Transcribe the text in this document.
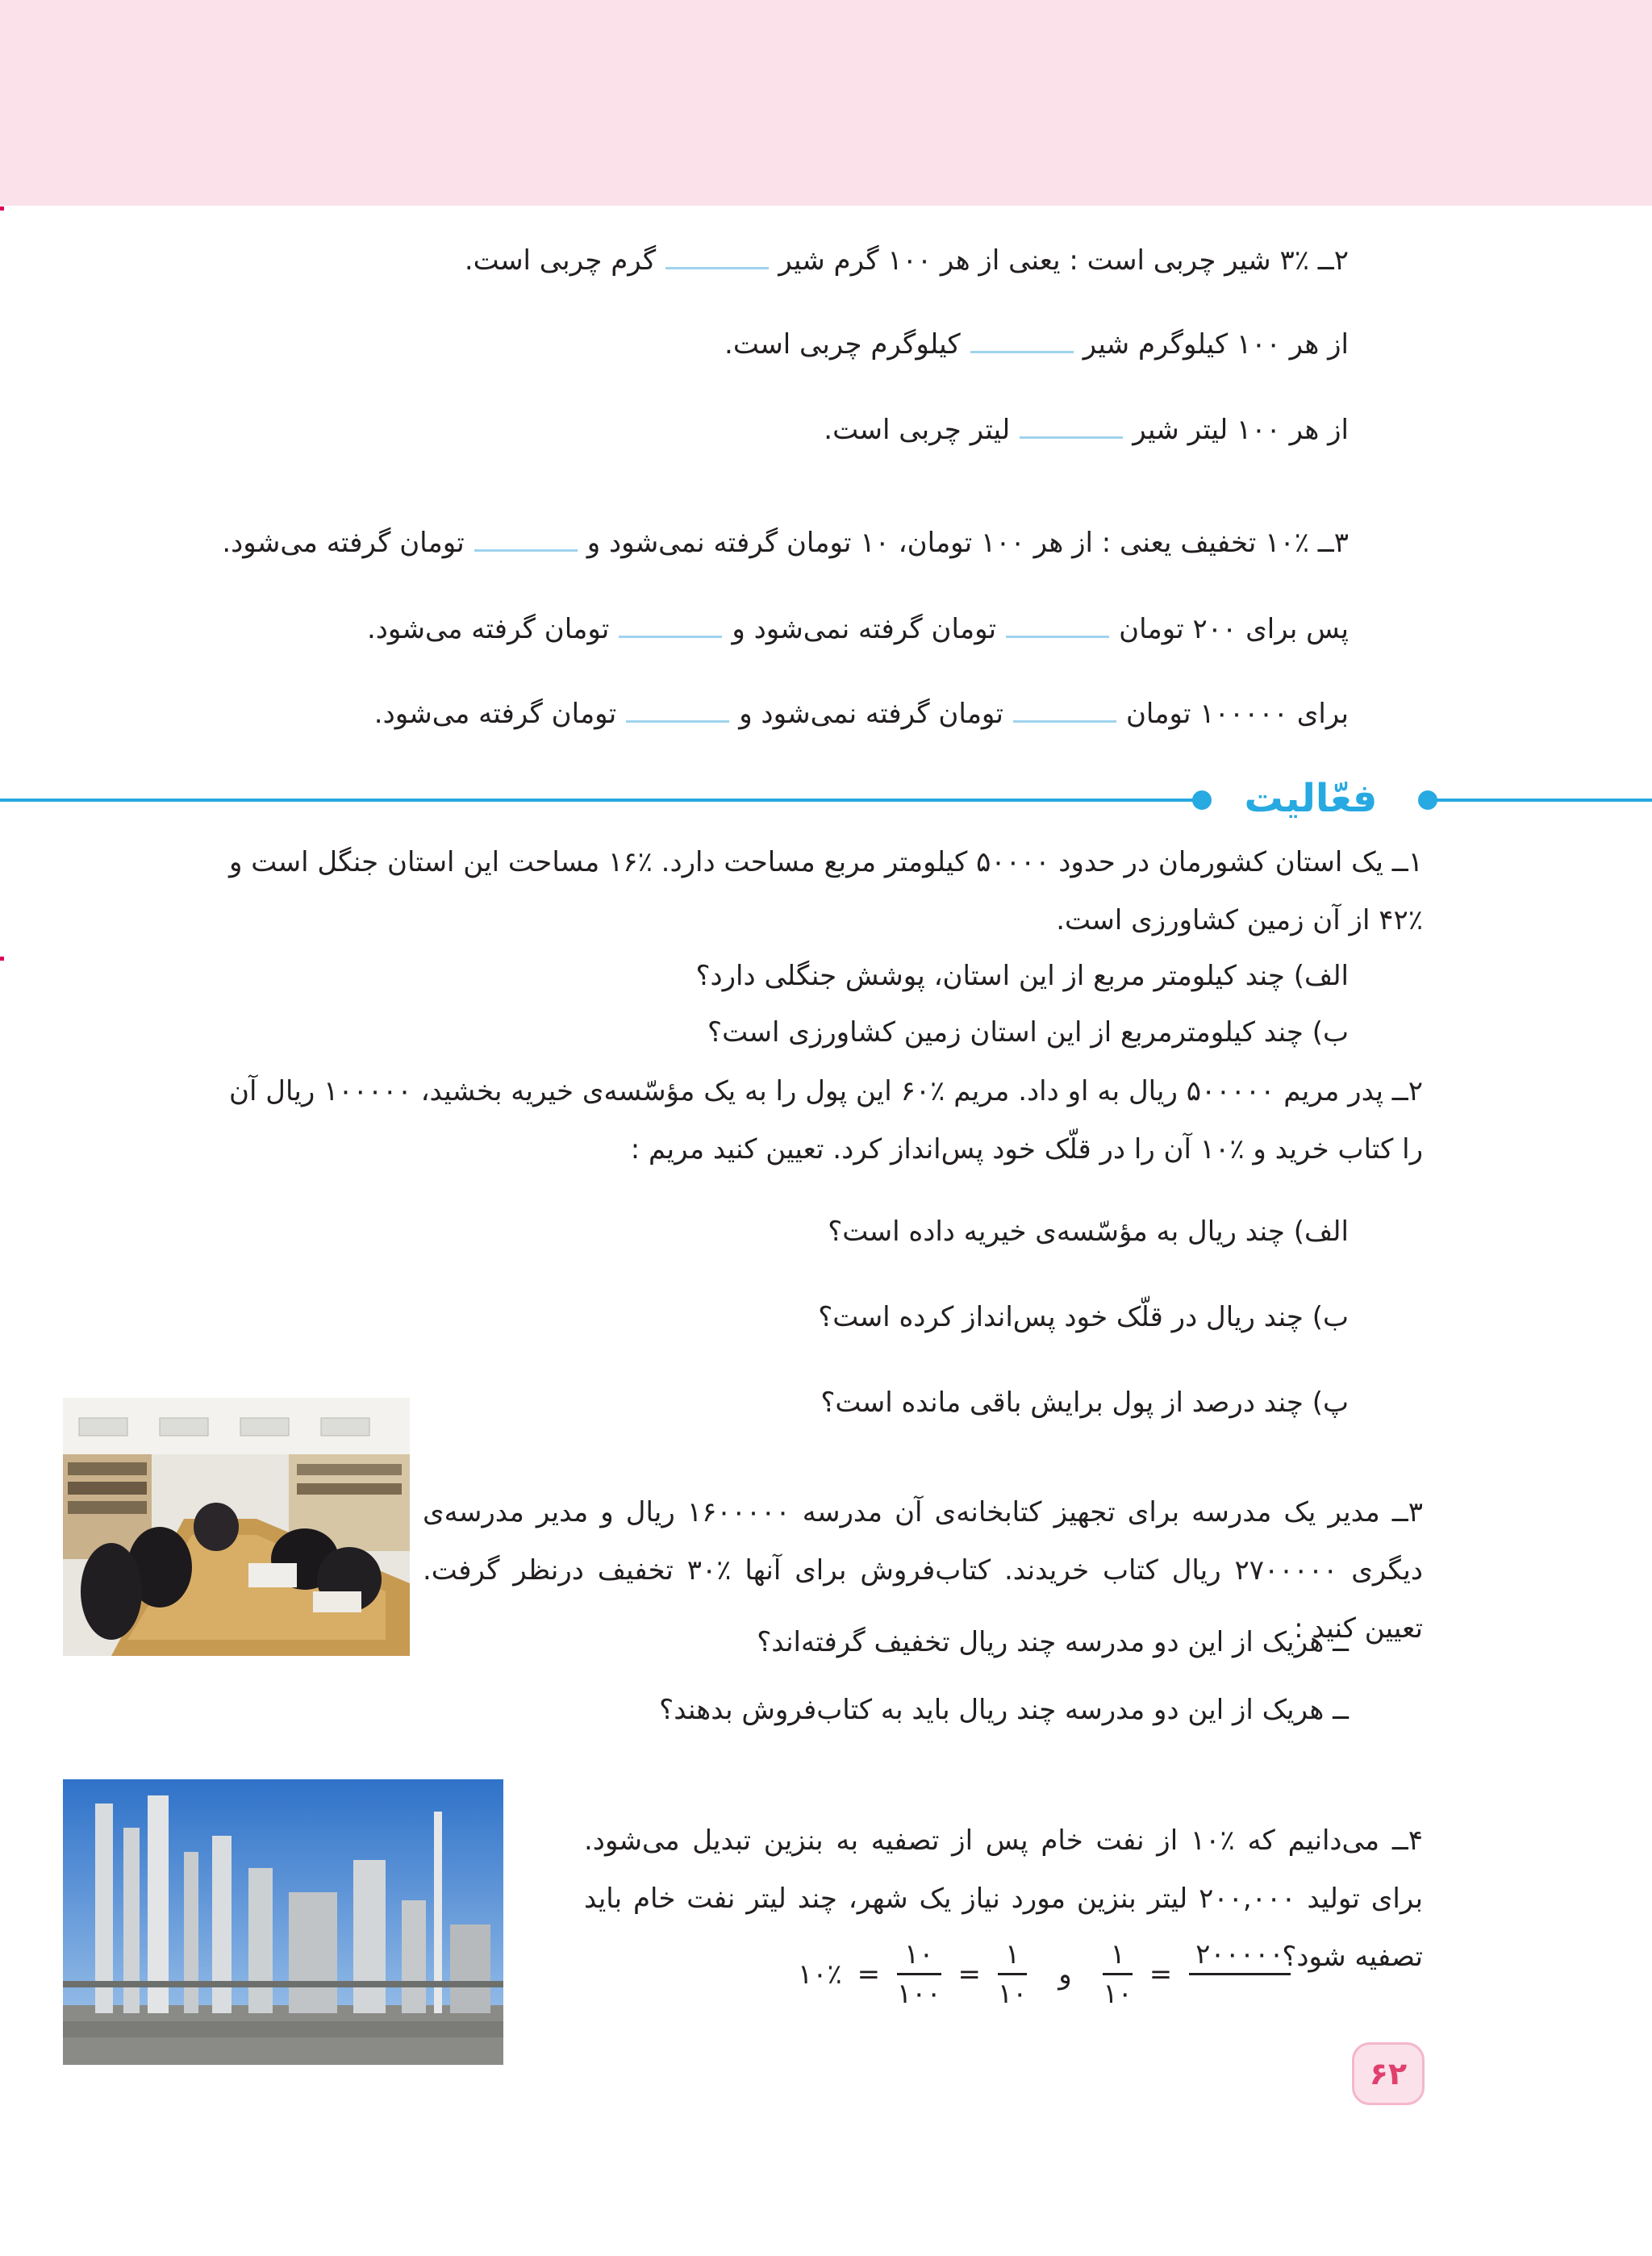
۲ــ ٪۳ شیر چربی است : یعنی از هر ۱۰۰ گرم شیرگرم چربی است.
از هر ۱۰۰ کیلوگرم شیرکیلوگرم چربی است.
از هر ۱۰۰ لیتر شیرلیتر چربی است.
۳ــ ٪۱۰ تخفیف یعنی : از هر ۱۰۰ تومان، ۱۰ تومان گرفته نمی‌شود وتومان گرفته می‌شود.
پس برای ۲۰۰ تومانتومان گرفته نمی‌شود وتومان گرفته می‌شود.
برای ۱۰۰۰۰۰ تومانتومان گرفته نمی‌شود وتومان گرفته می‌شود.
فعّالیت
۱ــ یک استان کشورمان در حدود ۵۰۰۰۰ کیلومتر مربع مساحت دارد. ٪۱۶ مساحت این استان جنگل است و ٪۴۲ از آن زمین کشاورزی است.
الف) چند کیلومتر مربع از این استان، پوشش جنگلی دارد؟
ب) چند کیلومترمربع از این استان زمین کشاورزی است؟
۲ــ پدر مریم ۵۰۰۰۰۰ ریال به او داد. مریم ٪۶۰ این پول را به یک مؤسّسه‌ی خیریه بخشید، ۱۰۰۰۰۰ ریال آن را کتاب خرید و ٪۱۰ آن را در قلّک خود پس‌انداز کرد. تعیین کنید مریم :
الف) چند ریال به مؤسّسه‌ی خیریه داده است؟
ب) چند ریال در قلّک خود پس‌انداز کرده است؟
پ) چند درصد از پول برایش باقی مانده است؟
۳ــ مدیر یک مدرسه برای تجهیز کتابخانه‌ی آن مدرسه ۱۶۰۰۰۰۰ ریال و مدیر مدرسه‌ی دیگری ۲۷۰۰۰۰۰ ریال کتاب خریدند. کتاب‌فروش برای آنها ٪۳۰ تخفیف درنظر گرفت. تعیین کنید :
ــ هریک از این دو مدرسه چند ریال تخفیف گرفته‌اند؟
ــ هریک از این دو مدرسه چند ریال باید به کتاب‌فروش بدهند؟
۴ــ می‌دانیم که ٪۱۰ از نفت خام پس از تصفیه به بنزین تبدیل می‌شود. برای تولید ۲۰۰,۰۰۰ لیتر بنزین مورد نیاز یک شهر، چند لیتر نفت خام باید تصفیه شود؟
۱۰٪ = $\frac{۱۰}{۱۰۰} = \frac{۱}{۱۰}$ و $\frac{۱}{۱۰}$ =
۲۰۰۰۰۰
۶۲
